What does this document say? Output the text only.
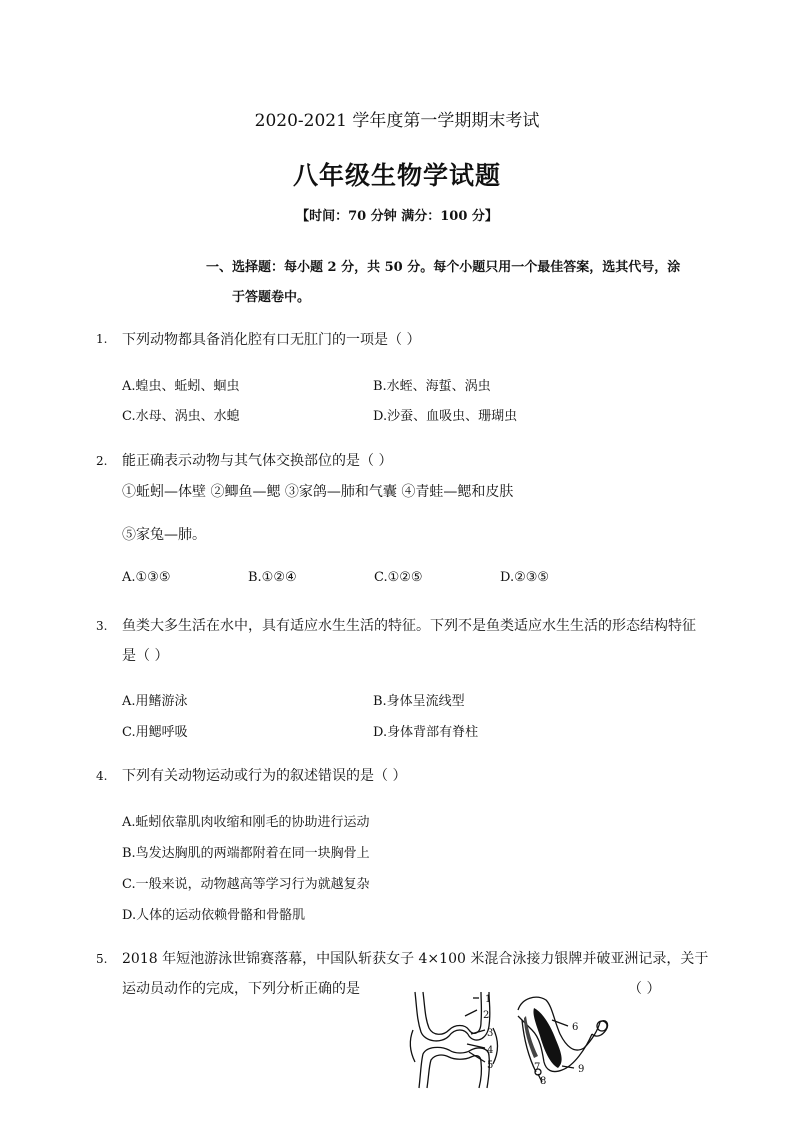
2020-2021 学年度第一学期期末考试
八年级生物学试题
【时间：70 分钟 满分：100 分】
一、选择题：每小题 2 分，共 50 分。每个小题只用一个最佳答案，选其代号，涂
于答题卷中。
1. 下列动物都具备消化腔有口无肛门的一项是（ ）
A.蝗虫、蚯蚓、蛔虫	B.水蛭、海蜇、涡虫
C.水母、涡虫、水螅	D.沙蚕、血吸虫、珊瑚虫
2. 能正确表示动物与其气体交换部位的是（ ）
①蚯蚓—体壁 ②鲫鱼—鳃 ③家鸽—肺和气囊 ④青蛙—鳃和皮肤
⑤家兔—肺。
A.①③⑤	B.①②④	C.①②⑤	D.②③⑤
3. 鱼类大多生活在水中，具有适应水生生活的特征。下列不是鱼类适应水生生活的形态结构特征
是（ ）
A.用鳍游泳	B.身体呈流线型
C.用鳃呼吸	D.身体背部有脊柱
4. 下列有关动物运动或行为的叙述错误的是（ ）
A.蚯蚓依靠肌肉收缩和刚毛的协助进行运动
B.鸟发达胸肌的两端都附着在同一块胸骨上
C.一般来说，动物越高等学习行为就越复杂
D.人体的运动依赖骨骼和骨骼肌
5. 2018 年短池游泳世锦赛落幕，中国队斩获女子 4×100 米混合泳接力银牌并破亚洲记录，关于
运动员动作的完成，下列分析正确的是	（ ）
1
2
3
4
5
6
7
8
9
